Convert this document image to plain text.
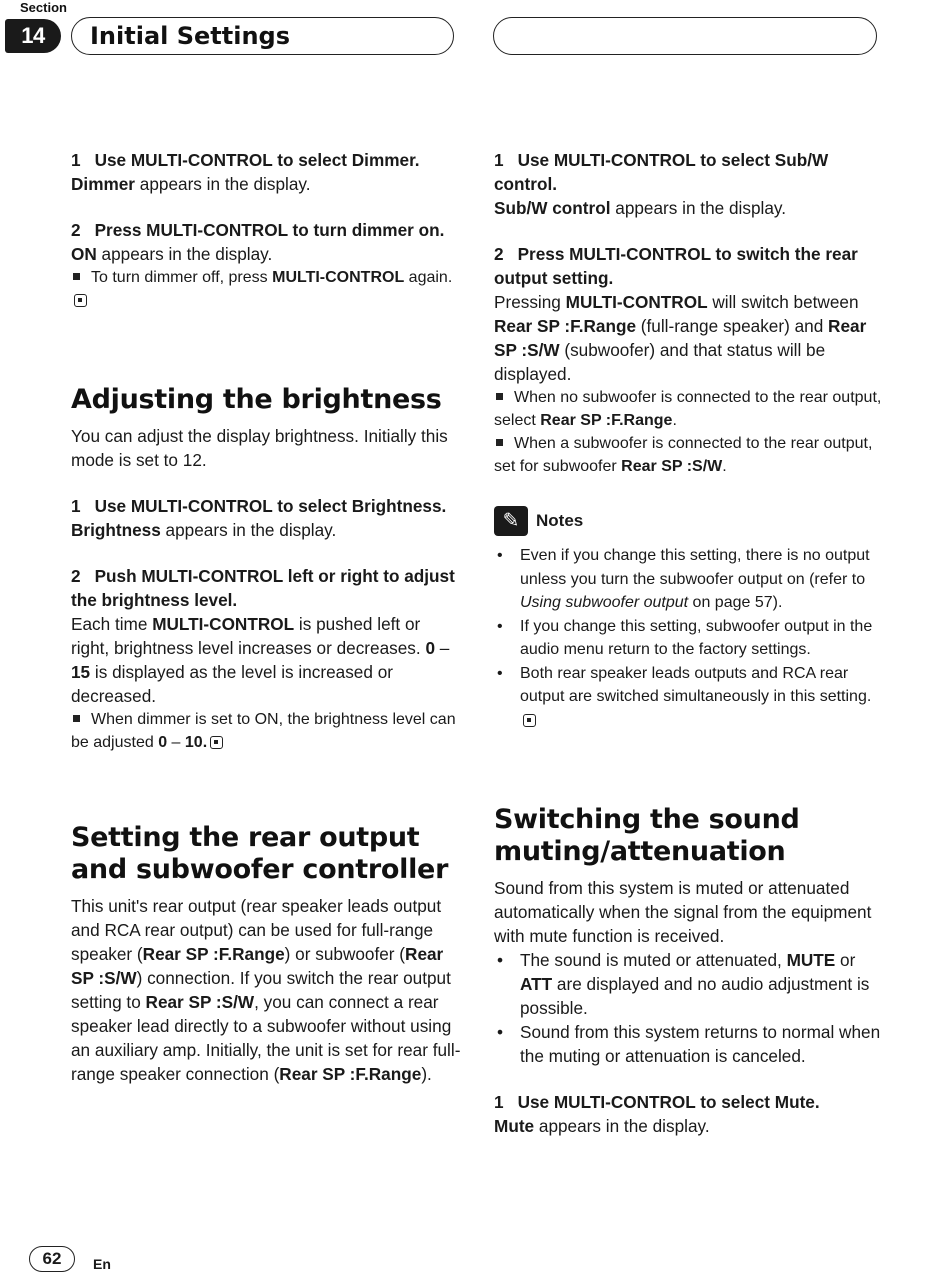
Section
14	Initial Settings

1 Use MULTI-CONTROL to select Dimmer.

Dimmer appears in the display.

2 Press MULTI-CONTROL to turn dimmer on.

ON appears in the display.

To turn dimmer off, press MULTI-CONTROL again.

Adjusting the brightness

You can adjust the display brightness. Initially this mode is set to 12.

1 Use MULTI-CONTROL to select Brightness.

Brightness appears in the display.

2 Push MULTI-CONTROL left or right to adjust the brightness level.

Each time MULTI-CONTROL is pushed left or right, brightness level increases or decreases. 0 – 15 is displayed as the level is increased or decreased.

When dimmer is set to ON, the brightness level can be adjusted 0 – 10.

Setting the rear output and subwoofer controller

This unit's rear output (rear speaker leads output and RCA rear output) can be used for full-range speaker (Rear SP :F.Range) or subwoofer (Rear SP :S/W) connection. If you switch the rear output setting to Rear SP :S/W, you can connect a rear speaker lead directly to a subwoofer without using an auxiliary amp. Initially, the unit is set for rear full-range speaker connection (Rear SP :F.Range).

1 Use MULTI-CONTROL to select Sub/W control.

Sub/W control appears in the display.

2 Press MULTI-CONTROL to switch the rear output setting.

Pressing MULTI-CONTROL will switch between Rear SP :F.Range (full-range speaker) and Rear SP :S/W (subwoofer) and that status will be displayed.

When no subwoofer is connected to the rear output, select Rear SP :F.Range.

When a subwoofer is connected to the rear output, set for subwoofer Rear SP :S/W.

✎ Notes
• Even if you change this setting, there is no output unless you turn the subwoofer output on (refer to Using subwoofer output on page 57).
• If you change this setting, subwoofer output in the audio menu return to the factory settings.
• Both rear speaker leads outputs and RCA rear output are switched simultaneously in this setting.
Switching the sound muting/attenuation

Sound from this system is muted or attenuated automatically when the signal from the equipment with mute function is received.

• The sound is muted or attenuated, MUTE or ATT are displayed and no audio adjustment is possible.
• Sound from this system returns to normal when the muting or attenuation is canceled.

1 Use MULTI-CONTROL to select Mute.

Mute appears in the display.

62	En
